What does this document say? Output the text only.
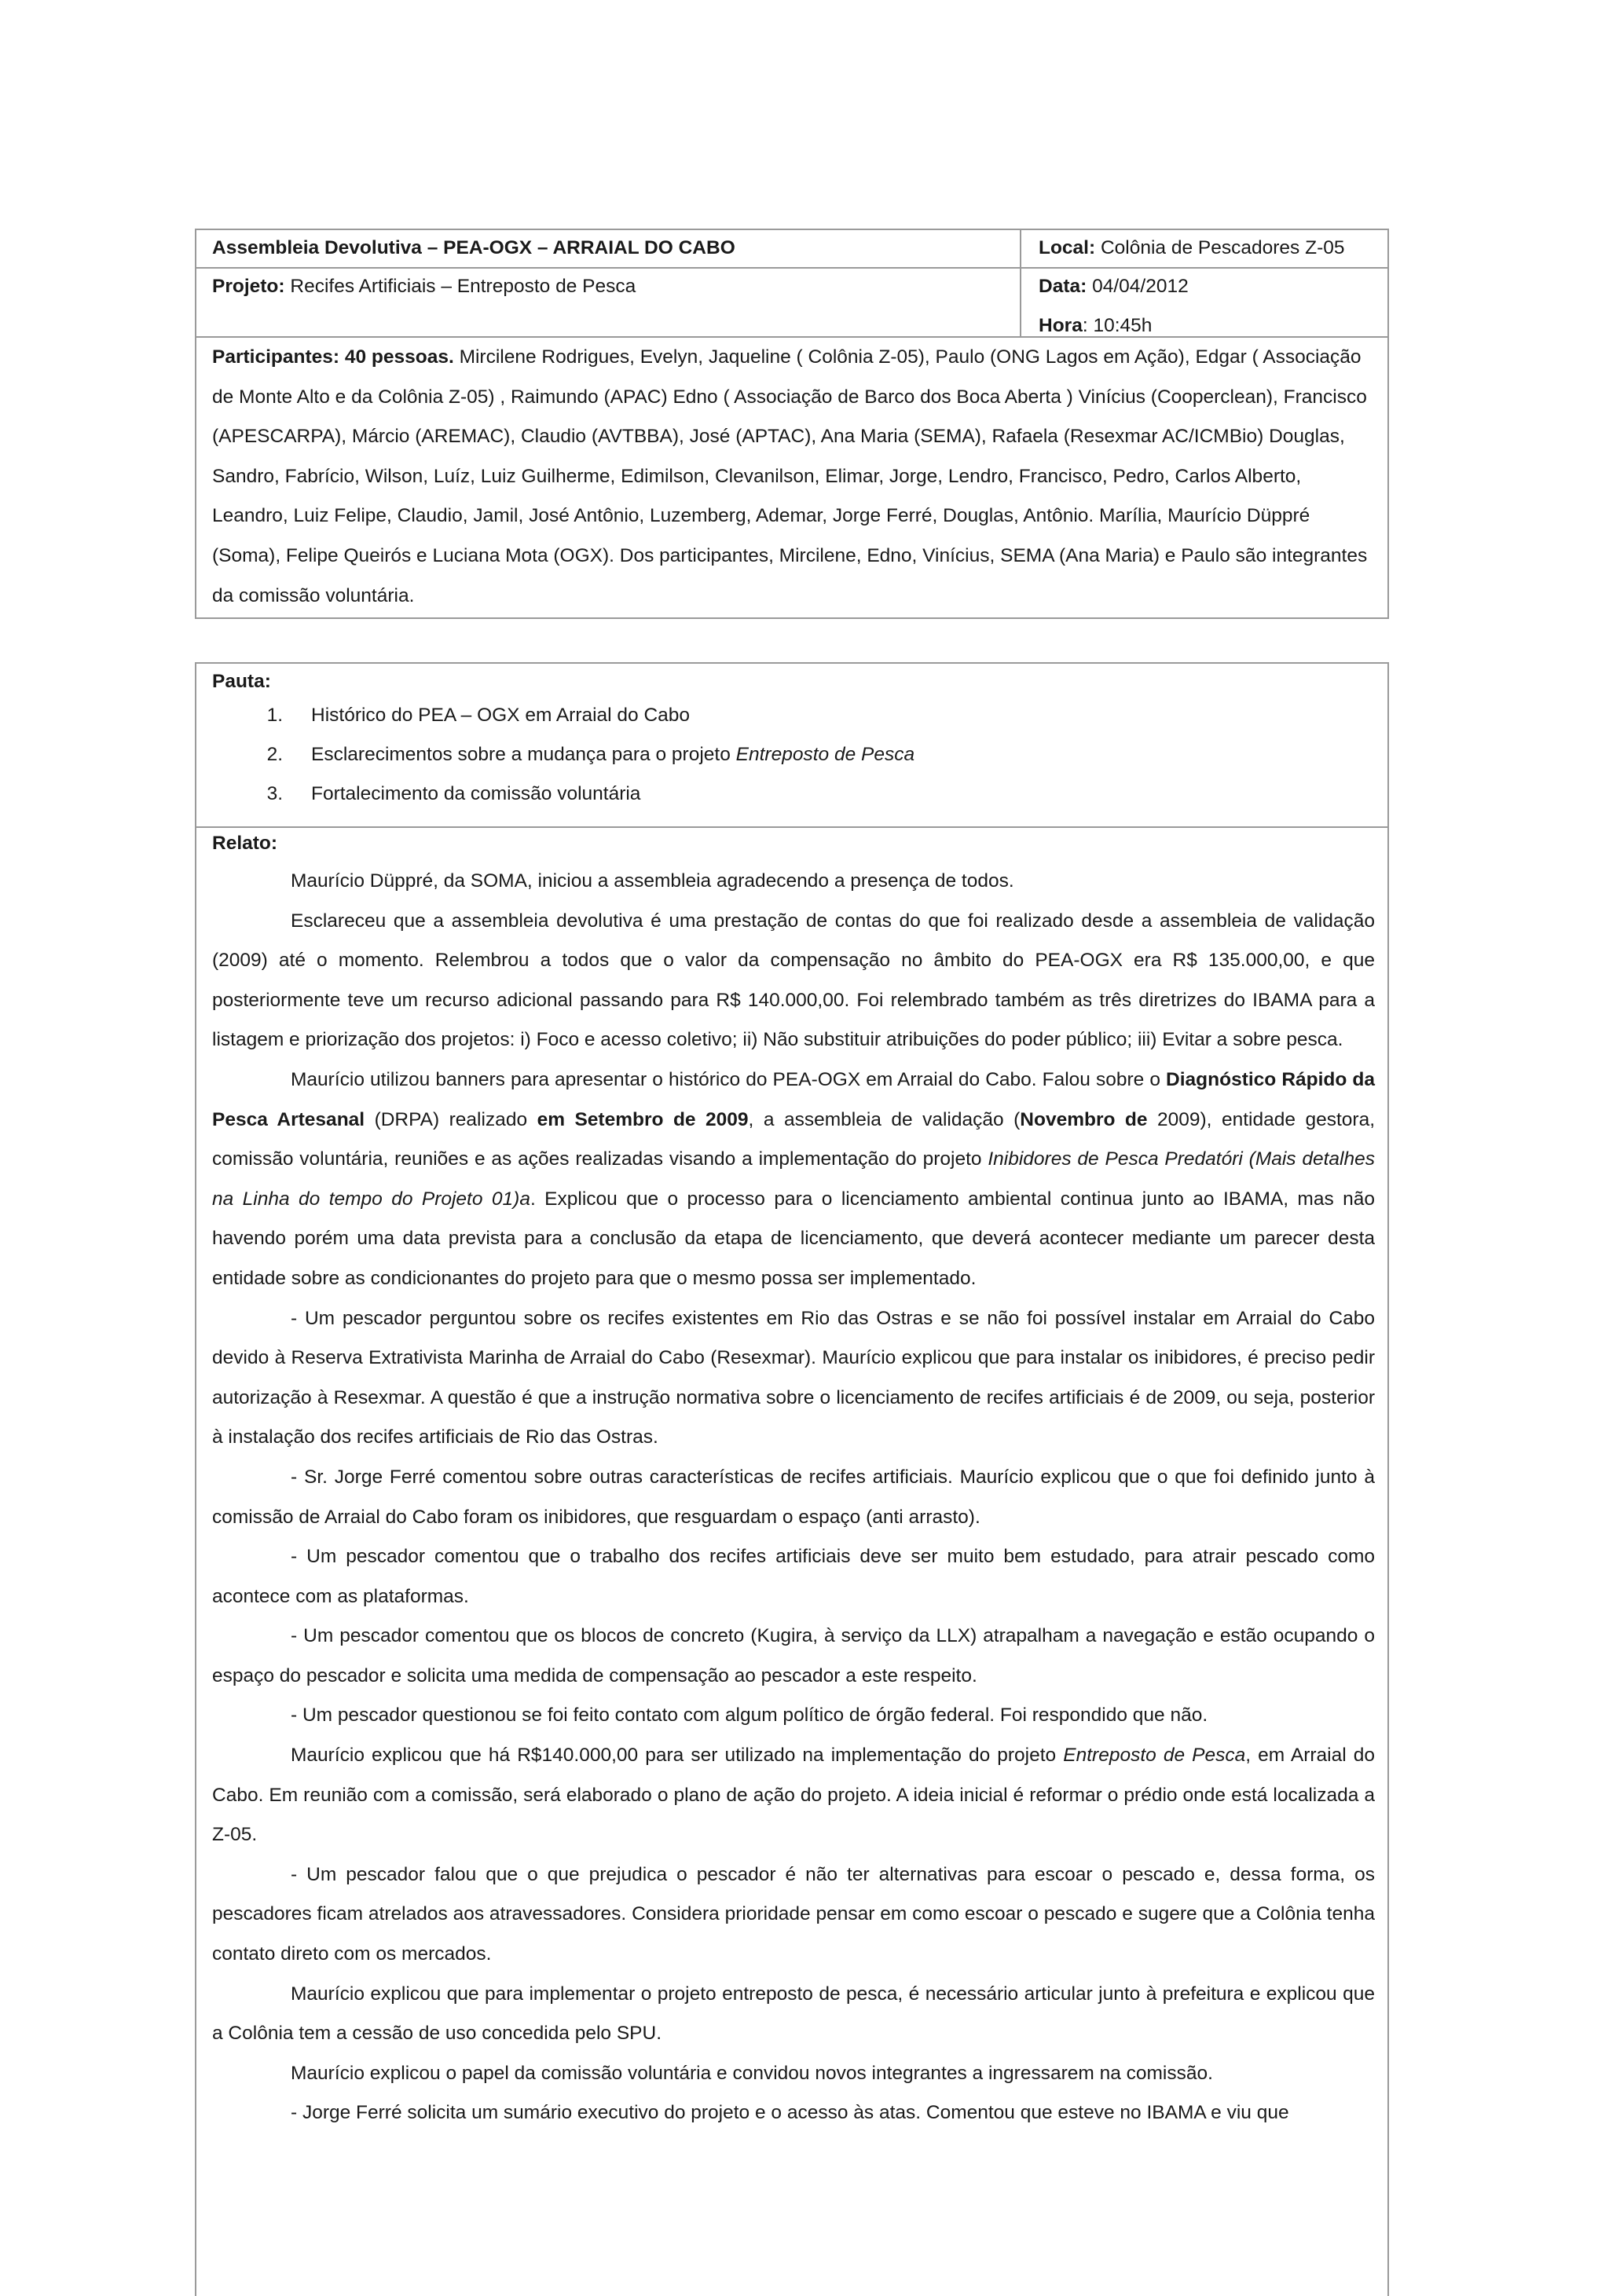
Assembleia Devolutiva – PEA-OGX – ARRAIAL DO CABO	Local: Colônia de Pescadores Z-05
Projeto: Recifes Artificiais – Entreposto de Pesca	Data: 04/04/2012
Hora: 10:45h
Participantes: 40 pessoas. Mircilene Rodrigues, Evelyn, Jaqueline ( Colônia Z-05), Paulo (ONG Lagos em Ação), Edgar ( Associação de Monte Alto e da Colônia Z-05) , Raimundo (APAC) Edno ( Associação de Barco dos Boca Aberta ) Vinícius (Cooperclean), Francisco (APESCARPA), Márcio (AREMAC), Claudio (AVTBBA), José (APTAC), Ana Maria (SEMA), Rafaela (Resexmar AC/ICMBio) Douglas, Sandro, Fabrício, Wilson, Luíz, Luiz Guilherme, Edimilson, Clevanilson, Elimar, Jorge, Lendro, Francisco, Pedro, Carlos Alberto, Leandro, Luiz Felipe, Claudio, Jamil, José Antônio, Luzemberg, Ademar, Jorge Ferré, Douglas, Antônio. Marília, Maurício Düppré (Soma), Felipe Queirós e Luciana Mota (OGX). Dos participantes, Mircilene, Edno, Vinícius, SEMA (Ana Maria) e Paulo são integrantes da comissão voluntária.
Pauta:
1. Histórico do PEA – OGX em Arraial do Cabo
2. Esclarecimentos sobre a mudança para o projeto Entreposto de Pesca
3. Fortalecimento da comissão voluntária
Relato:

Maurício Düppré, da SOMA, iniciou a assembleia agradecendo a presença de todos.

Esclareceu que a assembleia devolutiva é uma prestação de contas do que foi realizado desde a assembleia de validação (2009) até o momento. Relembrou a todos que o valor da compensação no âmbito do PEA-OGX era R$ 135.000,00, e que posteriormente teve um recurso adicional passando para R$ 140.000,00. Foi relembrado também as três diretrizes do IBAMA para a listagem e priorização dos projetos: i) Foco e acesso coletivo; ii) Não substituir atribuições do poder público; iii) Evitar a sobre pesca.

Maurício utilizou banners para apresentar o histórico do PEA-OGX em Arraial do Cabo. Falou sobre o Diagnóstico Rápido da Pesca Artesanal (DRPA) realizado em Setembro de 2009, a assembleia de validação (Novembro de 2009), entidade gestora, comissão voluntária, reuniões e as ações realizadas visando a implementação do projeto Inibidores de Pesca Predatóri (Mais detalhes na Linha do tempo do Projeto 01)a. Explicou que o processo para o licenciamento ambiental continua junto ao IBAMA, mas não havendo porém uma data prevista para a conclusão da etapa de licenciamento, que deverá acontecer mediante um parecer desta entidade sobre as condicionantes do projeto para que o mesmo possa ser implementado.

- Um pescador perguntou sobre os recifes existentes em Rio das Ostras e se não foi possível instalar em Arraial do Cabo devido à Reserva Extrativista Marinha de Arraial do Cabo (Resexmar). Maurício explicou que para instalar os inibidores, é preciso pedir autorização à Resexmar. A questão é que a instrução normativa sobre o licenciamento de recifes artificiais é de 2009, ou seja, posterior à instalação dos recifes artificiais de Rio das Ostras.

- Sr. Jorge Ferré comentou sobre outras características de recifes artificiais. Maurício explicou que o que foi definido junto à comissão de Arraial do Cabo foram os inibidores, que resguardam o espaço (anti arrasto).

- Um pescador comentou que o trabalho dos recifes artificiais deve ser muito bem estudado, para atrair pescado como acontece com as plataformas.

- Um pescador comentou que os blocos de concreto (Kugira, à serviço da LLX) atrapalham a navegação e estão ocupando o espaço do pescador e solicita uma medida de compensação ao pescador a este respeito.

- Um pescador questionou se foi feito contato com algum político de órgão federal. Foi respondido que não.

Maurício explicou que há R$140.000,00 para ser utilizado na implementação do projeto Entreposto de Pesca, em Arraial do Cabo. Em reunião com a comissão, será elaborado o plano de ação do projeto. A ideia inicial é reformar o prédio onde está localizada a Z-05.

- Um pescador falou que o que prejudica o pescador é não ter alternativas para escoar o pescado e, dessa forma, os pescadores ficam atrelados aos atravessadores. Considera prioridade pensar em como escoar o pescado e sugere que a Colônia tenha contato direto com os mercados.

Maurício explicou que para implementar o projeto entreposto de pesca, é necessário articular junto à prefeitura e explicou que a Colônia tem a cessão de uso concedida pelo SPU.

Maurício explicou o papel da comissão voluntária e convidou novos integrantes a ingressarem na comissão.

- Jorge Ferré solicita um sumário executivo do projeto e o acesso às atas. Comentou que esteve no IBAMA e viu que
